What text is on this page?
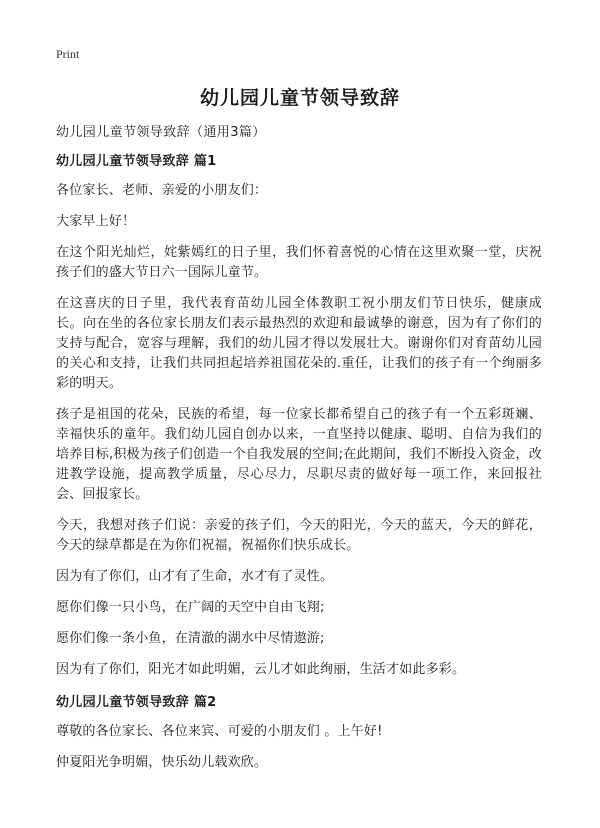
Print
幼儿园儿童节领导致辞
幼儿园儿童节领导致辞（通用3篇）
幼儿园儿童节领导致辞 篇1

各位家长、老师、亲爱的小朋友们：

大家早上好！

在这个阳光灿烂，姹紫嫣红的日子里，我们怀着喜悦的心情在这里欢聚一堂，庆祝孩子们的盛大节日六一国际儿童节。

在这喜庆的日子里，我代表育苗幼儿园全体教职工祝小朋友们节日快乐，健康成长。向在坐的各位家长朋友们表示最热烈的欢迎和最诚挚的谢意，因为有了你们的支持与配合，宽容与理解，我们的幼儿园才得以发展壮大。谢谢你们对育苗幼儿园的关心和支持，让我们共同担起培养祖国花朵的.重任，让我们的孩子有一个绚丽多彩的明天。

孩子是祖国的花朵，民族的希望，每一位家长都希望自己的孩子有一个五彩斑斓、幸福快乐的童年。我们幼儿园自创办以来，一直坚持以健康、聪明、自信为我们的培养目标,积极为孩子们创造一个自我发展的空间;在此期间，我们不断投入资金，改进教学设施，提高教学质量，尽心尽力，尽职尽责的做好每一项工作，来回报社会、回报家长。

今天，我想对孩子们说：亲爱的孩子们，今天的阳光，今天的蓝天，今天的鲜花，今天的绿草都是在为你们祝福，祝福你们快乐成长。

因为有了你们，山才有了生命，水才有了灵性。

愿你们像一只小鸟，在广阔的天空中自由飞翔;

愿你们像一条小鱼，在清澈的湖水中尽情遨游;

因为有了你们，阳光才如此明媚，云儿才如此绚丽，生活才如此多彩。

幼儿园儿童节领导致辞 篇2

尊敬的各位家长、各位来宾、可爱的小朋友们 。上午好!

仲夏阳光争明媚，快乐幼儿载欢欣。
